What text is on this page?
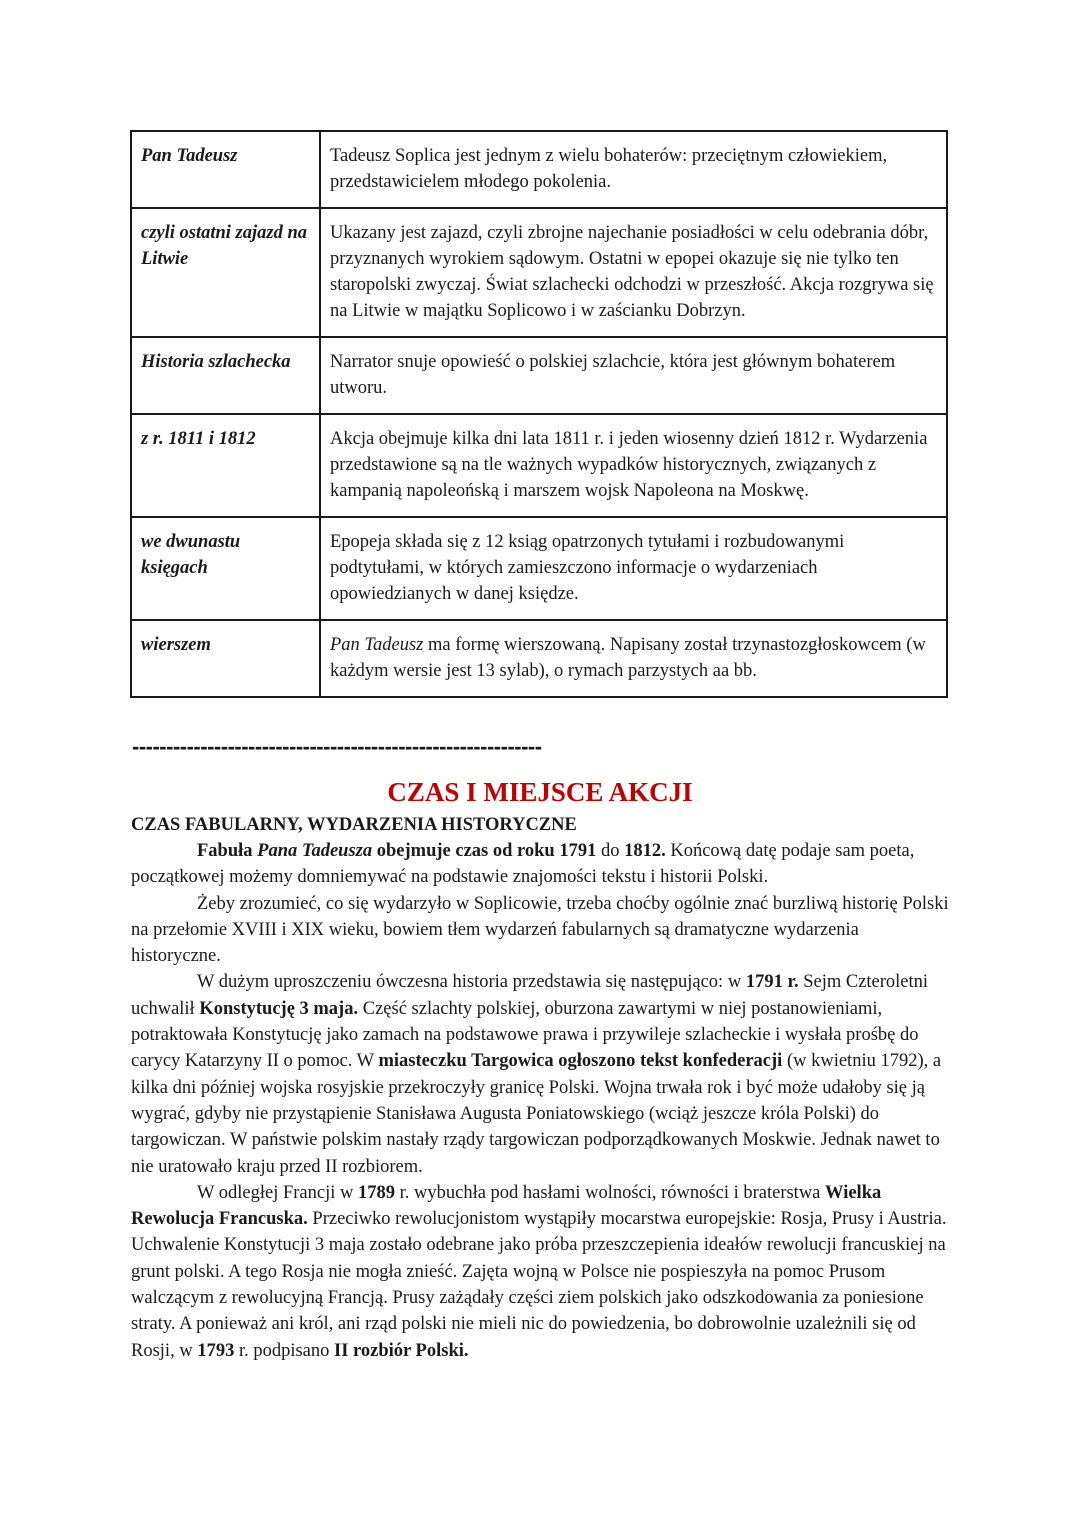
Pan Tadeusz	Tadeusz Soplica jest jednym z wielu bohaterów: przeciętnym człowiekiem, przedstawicielem młodego pokolenia.
czyli ostatni zajazd na Litwie	Ukazany jest zajazd, czyli zbrojne najechanie posiadłości w celu odebrania dóbr, przyznanych wyrokiem sądowym. Ostatni w epopei okazuje się nie tylko ten staropolski zwyczaj. Świat szlachecki odchodzi w przeszłość. Akcja rozgrywa się na Litwie w majątku Soplicowo i w zaścianku Dobrzyn.
Historia szlachecka	Narrator snuje opowieść o polskiej szlachcie, która jest głównym bohaterem utworu.
z r. 1811 i 1812	Akcja obejmuje kilka dni lata 1811 r. i jeden wiosenny dzień 1812 r. Wydarzenia przedstawione są na tle ważnych wypadków historycznych, związanych z kampanią napoleońską i marszem wojsk Napoleona na Moskwę.
we dwunastu księgach	Epopeja składa się z 12 ksiąg opatrzonych tytułami i rozbudowanymi podtytułami, w których zamieszczono informacje o wydarzeniach opowiedzianych w danej księdze.
wierszem	Pan Tadeusz ma formę wierszowaną. Napisany został trzynastozgłoskowcem (w każdym wersie jest 13 sylab), o rymach parzystych aa bb.
------------------------------------------------------------
CZAS I MIEJSCE AKCJI
CZAS FABULARNY, WYDARZENIA HISTORYCZNE

Fabuła Pana Tadeusza obejmuje czas od roku 1791 do 1812. Końcową datę podaje sam poeta, początkowej możemy domniemywać na podstawie znajomości tekstu i historii Polski.

Żeby zrozumieć, co się wydarzyło w Soplicowie, trzeba choćby ogólnie znać burzliwą historię Polski na przełomie XVIII i XIX wieku, bowiem tłem wydarzeń fabularnych są dramatyczne wydarzenia historyczne.

W dużym uproszczeniu ówczesna historia przedstawia się następująco: w 1791 r. Sejm Czteroletni uchwalił Konstytucję 3 maja. Część szlachty polskiej, oburzona zawartymi w niej postanowieniami, potraktowała Konstytucję jako zamach na podstawowe prawa i przywileje szlacheckie i wysłała prośbę do carycy Katarzyny II o pomoc. W miasteczku Targowica ogłoszono tekst konfederacji (w kwietniu 1792), a kilka dni później wojska rosyjskie przekroczyły granicę Polski. Wojna trwała rok i być może udałoby się ją wygrać, gdyby nie przystąpienie Stanisława Augusta Poniatowskiego (wciąż jeszcze króla Polski) do targowiczan. W państwie polskim nastały rządy targowiczan podporządkowanych Moskwie. Jednak nawet to nie uratowało kraju przed II rozbiorem.

W odległej Francji w 1789 r. wybuchła pod hasłami wolności, równości i braterstwa Wielka Rewolucja Francuska. Przeciwko rewolucjonistom wystąpiły mocarstwa europejskie: Rosja, Prusy i Austria. Uchwalenie Konstytucji 3 maja zostało odebrane jako próba przeszczepienia ideałów rewolucji francuskiej na grunt polski. A tego Rosja nie mogła znieść. Zajęta wojną w Polsce nie pospieszyła na pomoc Prusom walczącym z rewolucyjną Francją. Prusy zażądały części ziem polskich jako odszkodowania za poniesione straty. A ponieważ ani król, ani rząd polski nie mieli nic do powiedzenia, bo dobrowolnie uzależnili się od Rosji, w 1793 r. podpisano II rozbiór Polski.
